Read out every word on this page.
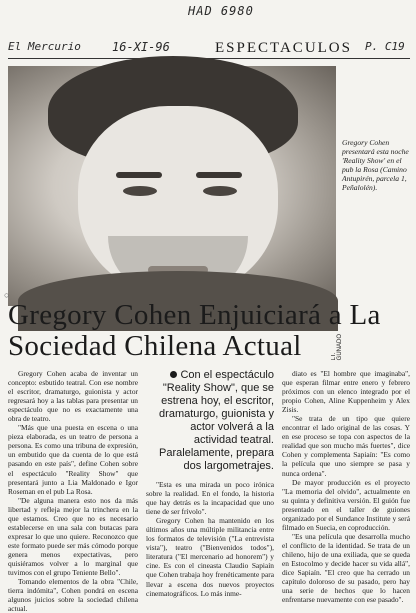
HAD 6980
El Mercurio	16-XI-96	ESPECTACULOS P. C19
LT. GUNADO
Gregory Cohen presentará esta noche 'Reality Show' en el pub la Rosa (Camino Antupirén, parcela 1, Peñalolén).
○
Gregory Cohen Enjuiciará a La Sociedad Chilena Actual

Gregory Cohen acaba de inventar un concepto: esbutido teatral. Con ese nombre el escritor, dramaturgo, guionista y actor regresará hoy a las tablas para presentar un espectáculo que no es exactamente una obra de teatro.

"Más que una puesta en escena o una pieza elaborada, es un teatro de persona a persona. Es como una tribuna de expresión, un embutido que da cuenta de lo que está pasando en este país", define Cohen sobre el espectáculo "Reality Show" que presentará junto a Lia Maldonado e Igor Roseman en el pub La Rosa.

"De alguna manera esto nos da más libertad y refleja mejor la trinchera en la que estamos. Creo que no es necesario establecerse en una sala con butacas para expresar lo que uno quiere. Reconozco que este formato puede ser más cómodo porque genera menos expectativas, pero quisiéramos volver a lo marginal que tuvimos con el grupo Teniente Bello".

Tomando elementos de la obra "Chile, tierra indómita", Cohen pondrá en escena algunos juicios sobre la sociedad chilena actual.

Con el espectáculo "Reality Show", que se estrena hoy, el escritor, dramaturgo, guionista y actor volverá a la actividad teatral. Paralelamente, prepara dos largometrajes.

"Esta es una mirada un poco irónica sobre la realidad. En el fondo, la historia que hay detrás es la incapacidad que uno tiene de ser frívolo".

Gregory Cohen ha mantenido en los últimos años una múltiple militancia entre los formatos de televisión ("La entrevista vista"), teatro ("Bienvenidos todos"), literatura ("El mercenario ad honorem") y cine. Es con el cineasta Claudio Sapiaín que Cohen trabaja hoy frenéticamente para llevar a escena dos nuevos proyectos cinematográficos. Lo más inme-

diato es "El hombre que imaginaba", que esperan filmar entre enero y febrero próximos con un elenco integrado por el propio Cohen, Aline Kuppenheim y Alex Zisis.

"Se trata de un tipo que quiere encontrar el lado original de las cosas. Y en ese proceso se topa con aspectos de la realidad que son mucho más fuertes", dice Cohen y complementa Sapiaín: "Es como la película que uno siempre se pasa y nunca ordena".

De mayor producción es el proyecto "La memoria del olvido", actualmente en su quinta y definitiva versión. El guión fue presentado en el taller de guiones organizado por el Sundance Institute y será filmado en Suecia, en coproducción.

"Es una película que desarrolla mucho el conflicto de la identidad. Se trata de un chileno, hijo de una exiliada, que se queda en Estocolmo y decide hacer su vida allá", dice Sapiaín. "El creo que ha cerrado un capítulo doloroso de su pasado, pero hay una serie de hechos que lo hacen enfrentarse nuevamente con ese pasado".
